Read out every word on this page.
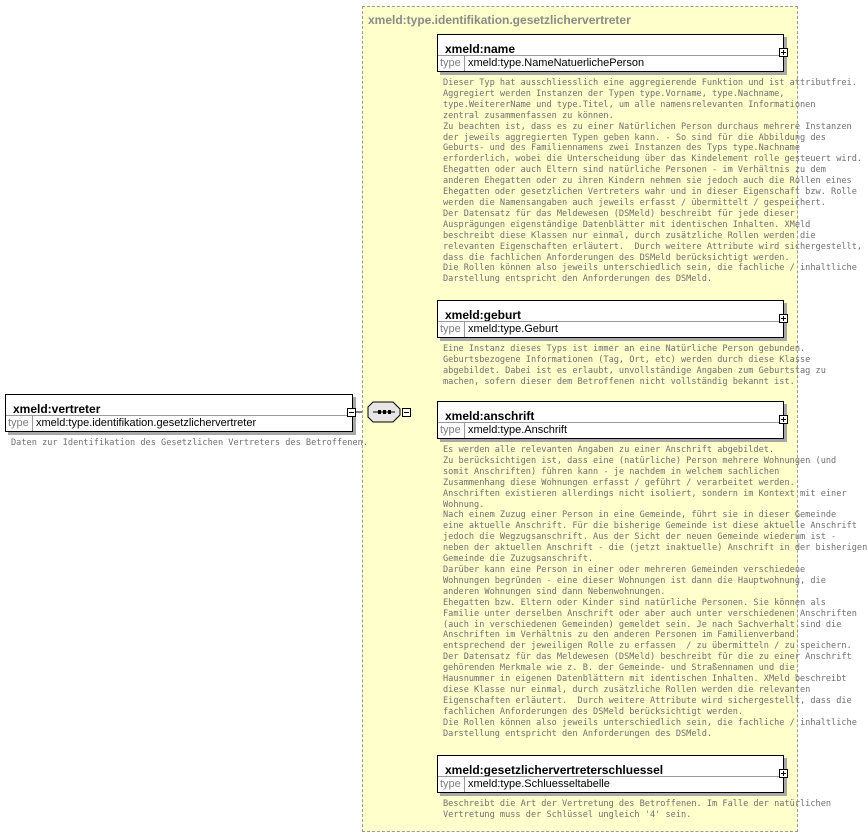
xmeld:type.identifikation.gesetzlichervertreter
xmeld:vertreter
type xmeld:type.identifikation.gesetzlichervertreter
Daten zur Identifikation des Gesetzlichen Vertreters des Betroffenen.
xmeld:name
type xmeld:type.NameNatuerlichePerson
Dieser Typ hat ausschliesslich eine aggregierende Funktion und ist attributfrei.
Aggregiert werden Instanzen der Typen type.Vorname, type.Nachname,
type.WeitererName und type.Titel, um alle namensrelevanten Informationen
zentral zusammenfassen zu können.
Zu beachten ist, dass es zu einer Natürlichen Person durchaus mehrere Instanzen
der jeweils aggregierten Typen geben kann. - So sind für die Abbildung des
Geburts- und des Familiennamens zwei Instanzen des Typs type.Nachname
erforderlich, wobei die Unterscheidung über das Kindelement rolle gesteuert wird.
Ehegatten oder auch Eltern sind natürliche Personen - im Verhältnis zu dem
anderen Ehegatten oder zu ihren Kindern nehmen sie jedoch auch die Rollen eines
Ehegatten oder gesetzlichen Vertreters wahr und in dieser Eigenschaft bzw. Rolle
werden die Namensangaben auch jeweils erfasst / übermittelt / gespeichert.
Der Datensatz für das Meldewesen (DSMeld) beschreibt für jede dieser
Ausprägungen eigenständige Datenblätter mit identischen Inhalten. XMeld
beschreibt diese Klassen nur einmal, durch zusätzliche Rollen werden die
relevanten Eigenschaften erläutert.  Durch weitere Attribute wird sichergestellt,
dass die fachlichen Anforderungen des DSMeld berücksichtigt werden.
Die Rollen können also jeweils unterschiedlich sein, die fachliche / inhaltliche
Darstellung entspricht den Anforderungen des DSMeld.
xmeld:geburt
type xmeld:type.Geburt
Eine Instanz dieses Typs ist immer an eine Natürliche Person gebunden.
Geburtsbezogene Informationen (Tag, Ort, etc) werden durch diese Klasse
abgebildet. Dabei ist es erlaubt, unvollständige Angaben zum Geburtstag zu
machen, sofern dieser dem Betroffenen nicht vollständig bekannt ist.
xmeld:anschrift
type xmeld:type.Anschrift
Es werden alle relevanten Angaben zu einer Anschrift abgebildet.
Zu berücksichtigen ist, dass eine (natürliche) Person mehrere Wohnungen (und
somit Anschriften) führen kann - je nachdem in welchem sachlichen
Zusammenhang diese Wohnungen erfasst / geführt / verarbeitet werden.
Anschriften existieren allerdings nicht isoliert, sondern im Kontext mit einer
Wohnung.
Nach einem Zuzug einer Person in eine Gemeinde, führt sie in dieser Gemeinde
eine aktuelle Anschrift. Für die bisherige Gemeinde ist diese aktuelle Anschrift
jedoch die Wegzugsanschrift. Aus der Sicht der neuen Gemeinde wiederum ist -
neben der aktuellen Anschrift - die (jetzt inaktuelle) Anschrift in der bisherigen
Gemeinde die Zuzugsanschrift.
Darüber kann eine Person in einer oder mehreren Gemeinden verschiedene
Wohnungen begründen - eine dieser Wohnungen ist dann die Hauptwohnung, die
anderen Wohnungen sind dann Nebenwohnungen.
Ehegatten bzw. Eltern oder Kinder sind natürliche Personen. Sie können als
Familie unter derselben Anschrift oder aber auch unter verschiedenen Anschriften
(auch in verschiedenen Gemeinden) gemeldet sein. Je nach Sachverhalt sind die
Anschriften im Verhältnis zu den anderen Personen im Familienverband
entsprechend der jeweiligen Rolle zu erfassen  / zu übermitteln / zu speichern.
Der Datensatz für das Meldewesen (DSMeld) beschreibt für die zu einer Anschrift
gehörenden Merkmale wie z. B. der Gemeinde- und Straßennamen und die
Hausnummer in eigenen Datenblättern mit identischen Inhalten. XMeld beschreibt
diese Klasse nur einmal, durch zusätzliche Rollen werden die relevanten
Eigenschaften erläutert.  Durch weitere Attribute wird sichergestellt, dass die
fachlichen Anforderungen des DSMeld berücksichtigt werden.
Die Rollen können also jeweils unterschiedlich sein, die fachliche / inhaltliche
Darstellung entspricht den Anforderungen des DSMeld.
xmeld:gesetzlichervertreterschluessel
type xmeld:type.Schluesseltabelle
Beschreibt die Art der Vertretung des Betroffenen. Im Falle der natürlichen
Vertretung muss der Schlüssel ungleich '4' sein.
